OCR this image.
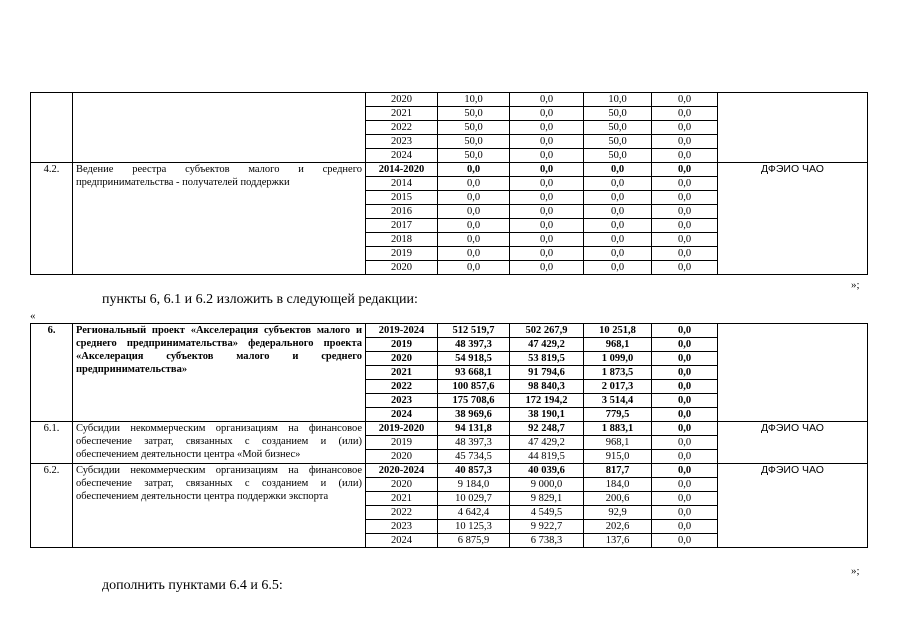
		2020	10,0	0,0	10,0	0,0	
		2021	50,0	0,0	50,0	0,0	
		2022	50,0	0,0	50,0	0,0	
		2023	50,0	0,0	50,0	0,0	
		2024	50,0	0,0	50,0	0,0	
4.2.	Ведение реестра субъектов малого и среднего предпринимательства - получателей поддержки	2014-2020	0,0	0,0	0,0	0,0	ДФЭИО ЧАО
		2014	0,0	0,0	0,0	0,0	
		2015	0,0	0,0	0,0	0,0	
		2016	0,0	0,0	0,0	0,0	
		2017	0,0	0,0	0,0	0,0	
		2018	0,0	0,0	0,0	0,0	
		2019	0,0	0,0	0,0	0,0	
		2020	0,0	0,0	0,0	0,0	
»;
пункты 6, 6.1 и 6.2 изложить в следующей редакции:
«
6.	Региональный проект «Акселерация субъектов малого и среднего предпринимательства» федерального проекта «Акселерация субъектов малого и среднего предпринимательства»	2019-2024	512 519,7	502 267,9	10 251,8	0,0	
		2019	48 397,3	47 429,2	968,1	0,0	
		2020	54 918,5	53 819,5	1 099,0	0,0	
		2021	93 668,1	91 794,6	1 873,5	0,0	
		2022	100 857,6	98 840,3	2 017,3	0,0	
		2023	175 708,6	172 194,2	3 514,4	0,0	
		2024	38 969,6	38 190,1	779,5	0,0	
6.1.	Субсидии некоммерческим организациям на финансовое обеспечение затрат, связанных с созданием и (или) обеспечением деятельности центра «Мой бизнес»	2019-2020	94 131,8	92 248,7	1 883,1	0,0	ДФЭИО ЧАО
		2019	48 397,3	47 429,2	968,1	0,0	
		2020	45 734,5	44 819,5	915,0	0,0	
6.2.	Субсидии некоммерческим организациям на финансовое обеспечение затрат, связанных с созданием и (или) обеспечением деятельности центра поддержки экспорта	2020-2024	40 857,3	40 039,6	817,7	0,0	ДФЭИО ЧАО
		2020	9 184,0	9 000,0	184,0	0,0	
		2021	10 029,7	9 829,1	200,6	0,0	
		2022	4 642,4	4 549,5	92,9	0,0	
		2023	10 125,3	9 922,7	202,6	0,0	
		2024	6 875,9	6 738,3	137,6	0,0	
»;
дополнить пунктами 6.4 и 6.5:
